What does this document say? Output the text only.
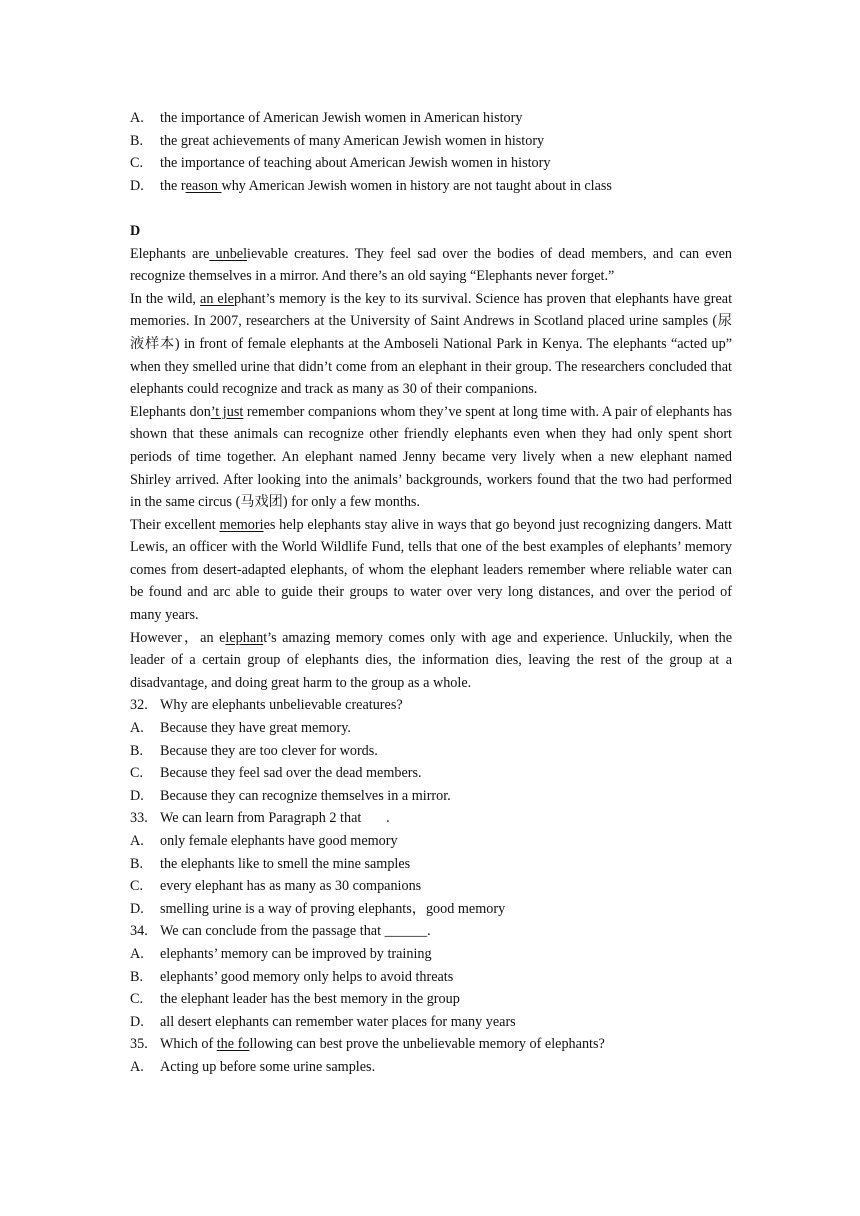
A.	the importance of American Jewish women in American history
B.	the great achievements of many American Jewish women in history
C.	the importance of teaching about American Jewish women in history
D.	the reason why American Jewish women in history are not taught about in class
D
Elephants are unbelievable creatures. They feel sad over the bodies of dead members, and can even recognize themselves in a mirror. And there’s an old saying “Elephants never forget.”
In the wild, an elephant’s memory is the key to its survival. Science has proven that elephants have great memories. In 2007, researchers at the University of Saint Andrews in Scotland placed urine samples (尿液样本) in front of female elephants at the Amboseli National Park in Kenya. The elephants “acted up” when they smelled urine that didn’t come from an elephant in their group. The researchers concluded that elephants could recognize and track as many as 30 of their companions.
Elephants don’t just remember companions whom they’ve spent at long time with. A pair of elephants has shown that these animals can recognize other friendly elephants even when they had only spent short periods of time together. An elephant named Jenny became very lively when a new elephant named Shirley arrived. After looking into the animals’ backgrounds, workers found that the two had performed in the same circus (马戏团) for only a few months.
Their excellent memories help elephants stay alive in ways that go beyond just recognizing dangers. Matt Lewis, an officer with the World Wildlife Fund, tells that one of the best examples of elephants’ memory comes from desert-adapted elephants, of whom the elephant leaders remember where reliable water can be found and arc able to guide their groups to water over very long distances, and over the period of many years.
However，an elephant’s amazing memory comes only with age and experience. Unluckily, when the leader of a certain group of elephants dies, the information dies, leaving the rest of the group at a disadvantage, and doing great harm to the group as a whole.
32. Why are elephants unbelievable creatures?
A.	Because they have great memory.
B.	Because they are too clever for words.
C.	Because they feel sad over the dead members.
D.	Because they can recognize themselves in a mirror.
33. We can learn from Paragraph 2 that       .
A.	only female elephants have good memory
B.	the elephants like to smell the mine samples
C.	every elephant has as many as 30 companions
D.	smelling urine is a way of proving elephants，good memory
34. We can conclude from the passage that ______.
A.	elephants’ memory can be improved by training
B.	elephants’ good memory only helps to avoid threats
C.	the elephant leader has the best memory in the group
D.	all desert elephants can remember water places for many years
35. Which of the following can best prove the unbelievable memory of elephants?
A.	Acting up before some urine samples.
